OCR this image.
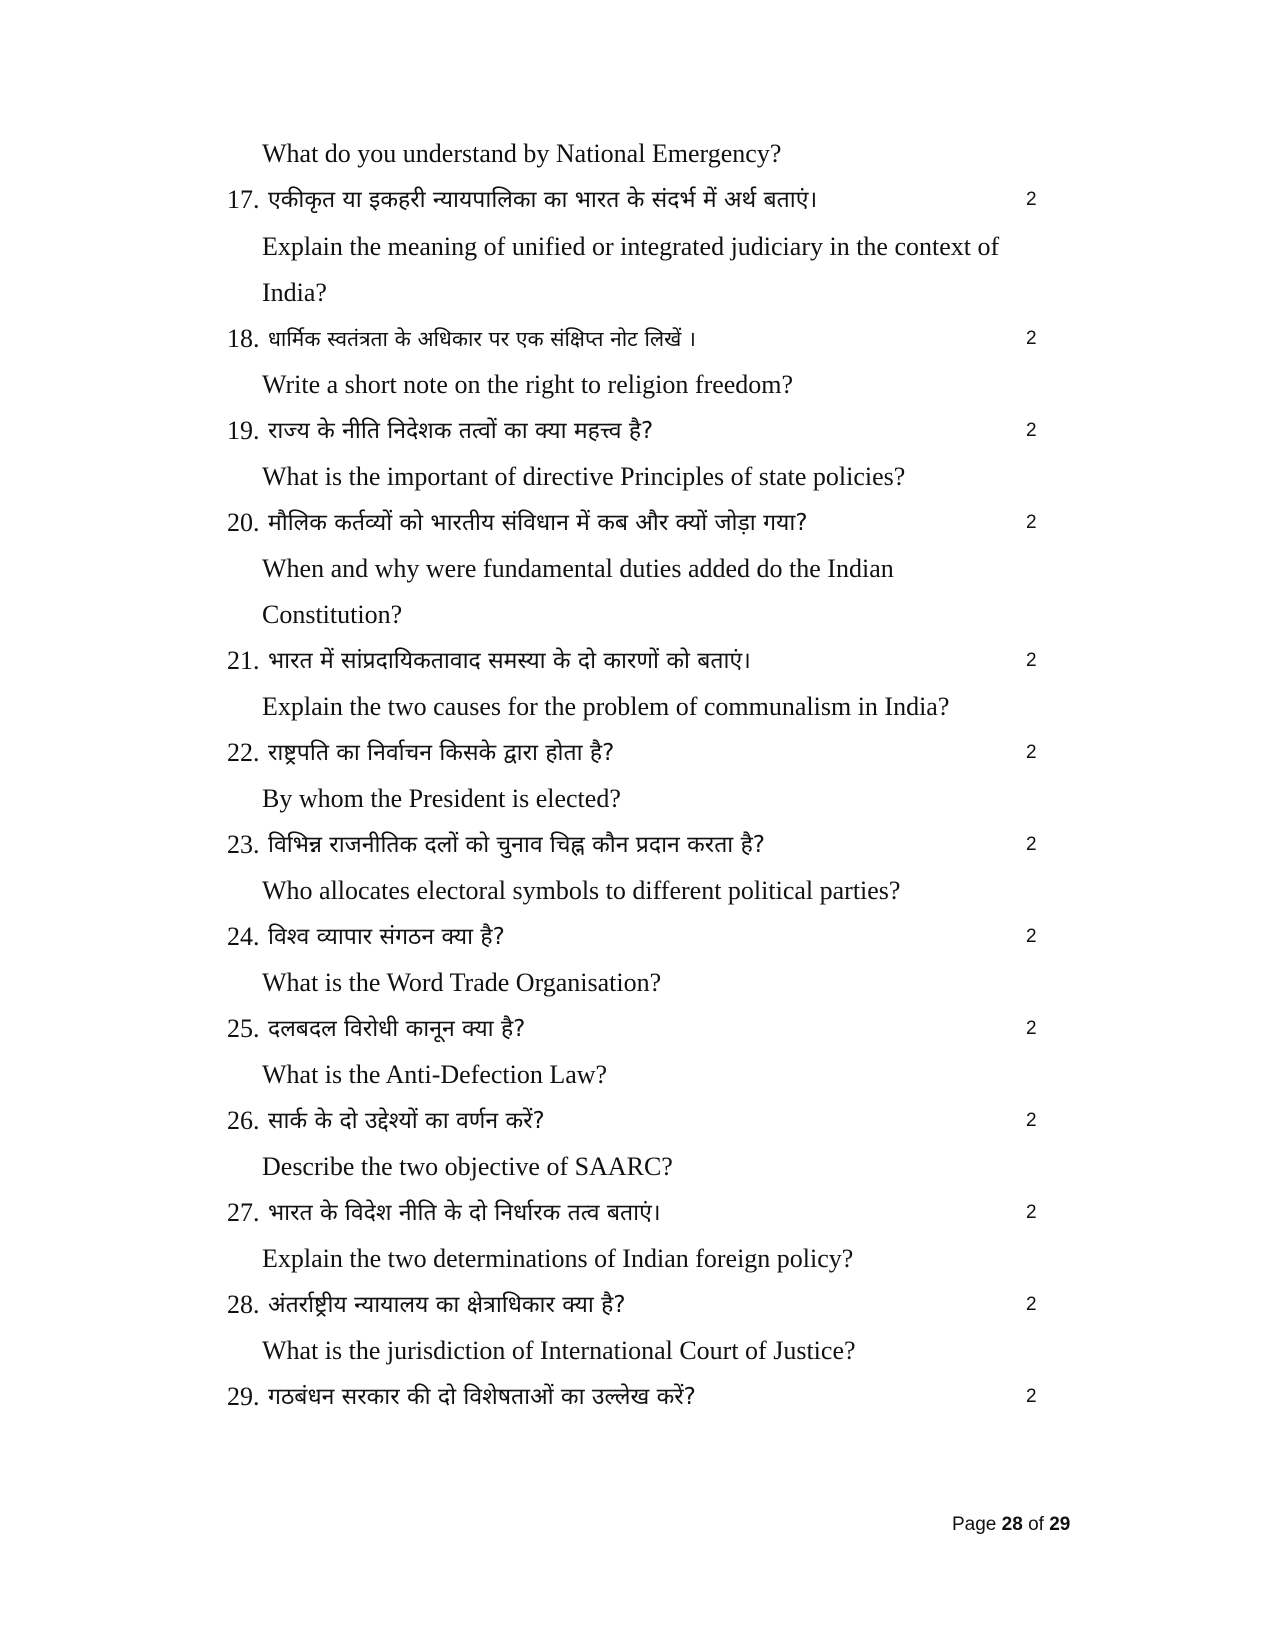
What do you understand by National Emergency?
17. एकीकृत या इकहरी न्यायपालिका का भारत के संदर्भ में अर्थ बताएं।	2
Explain the meaning of unified or integrated judiciary in the context of
India?
18. धार्मिक स्वतंत्रता के अधिकार पर एक संक्षिप्त नोट लिखें ।	2
Write a short note on the right to religion freedom?
19. राज्य के नीति निदेशक तत्वों का क्या महत्त्व है?	2
What is the important of directive Principles of state policies?
20. मौलिक कर्तव्यों को भारतीय संविधान में कब और क्यों जोड़ा गया?	2
When and why were fundamental duties added do the Indian
Constitution?
21. भारत में सांप्रदायिकतावाद समस्या के दो कारणों को बताएं।	2
Explain the two causes for the problem of communalism in India?
22. राष्ट्रपति का निर्वाचन किसके द्वारा होता है?	2
By whom the President is elected?
23. विभिन्न राजनीतिक दलों को चुनाव चिह्न कौन प्रदान करता है?	2
Who allocates electoral symbols to different political parties?
24. विश्व व्यापार संगठन क्या है?	2
What is the Word Trade Organisation?
25. दलबदल विरोधी कानून क्या है?	2
What is the Anti-Defection Law?
26. सार्क के दो उद्देश्यों का वर्णन करें?	2
Describe the two objective of SAARC?
27. भारत के विदेश नीति के दो निर्धारक तत्व बताएं।	2
Explain the two determinations of Indian foreign policy?
28. अंतर्राष्ट्रीय न्यायालय का क्षेत्राधिकार क्या है?	2
What is the jurisdiction of International Court of Justice?
29. गठबंधन सरकार की दो विशेषताओं का उल्लेख करें?	2
Page 28 of 29
